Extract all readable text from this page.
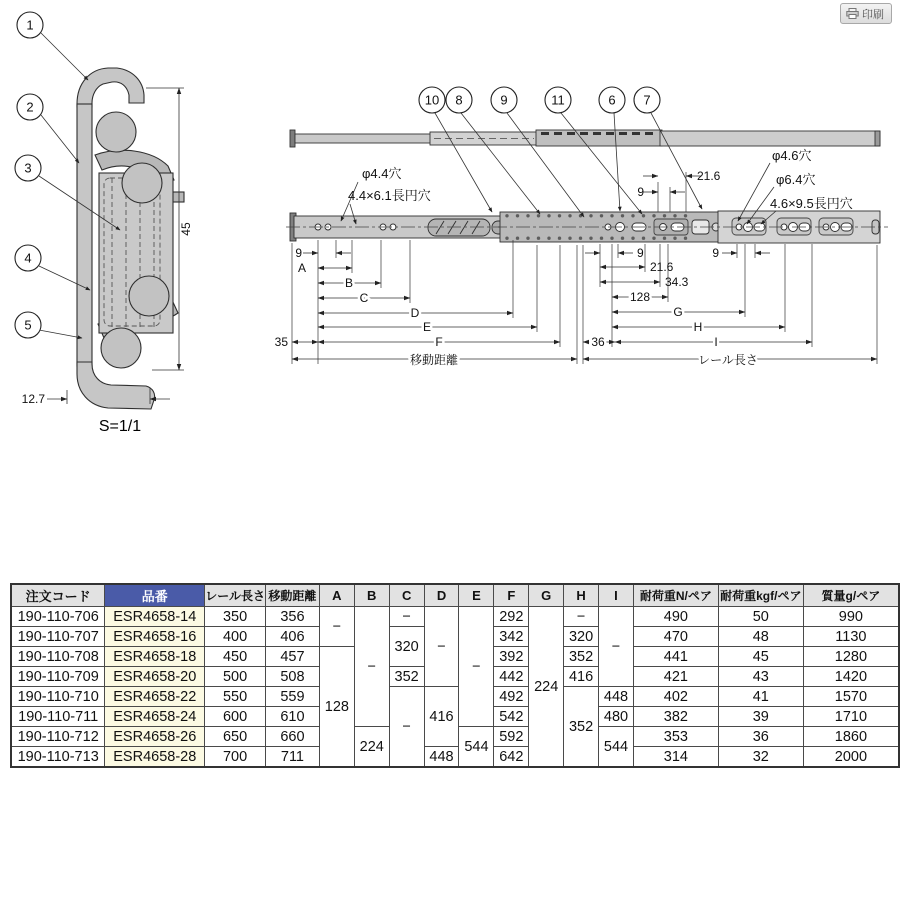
印刷
45
12.7
S=1/1
1
2
3
4
5
10 8	9	11	6 7
φ4.4穴
4.4×6.1長円穴
φ4.6穴
φ6.4穴
4.6×9.5長円穴
9
A
B
C
D
E
F
35
移動距離
9	9
21.6
34.3
128
G
H
I
36
レール長さ
9
21.6
注文コード	品番	レール長さ	移動距離	A	B	C	D	E	F	G	H	I	耐荷重N/ペア	耐荷重kgf/ペア	質量g/ペア
190-110-706	ESR4658-14	350	356	−	−	−	−	−	292	224	−	−	490	50	990
190-110-707	ESR4658-16	400	406			320			342		320		470	48	1130
190-110-708	ESR4658-18	450	457	128					392		352		441	45	1280
190-110-709	ESR4658-20	500	508			352			442		416		421	43	1420
190-110-710	ESR4658-22	550	559			−	416		492		352	448	402	41	1570
190-110-711	ESR4658-24	600	610						542			480	382	39	1710
190-110-712	ESR4658-26	650	660		224			544	592			544	353	36	1860
190-110-713	ESR4658-28	700	711				448		642				314	32	2000
